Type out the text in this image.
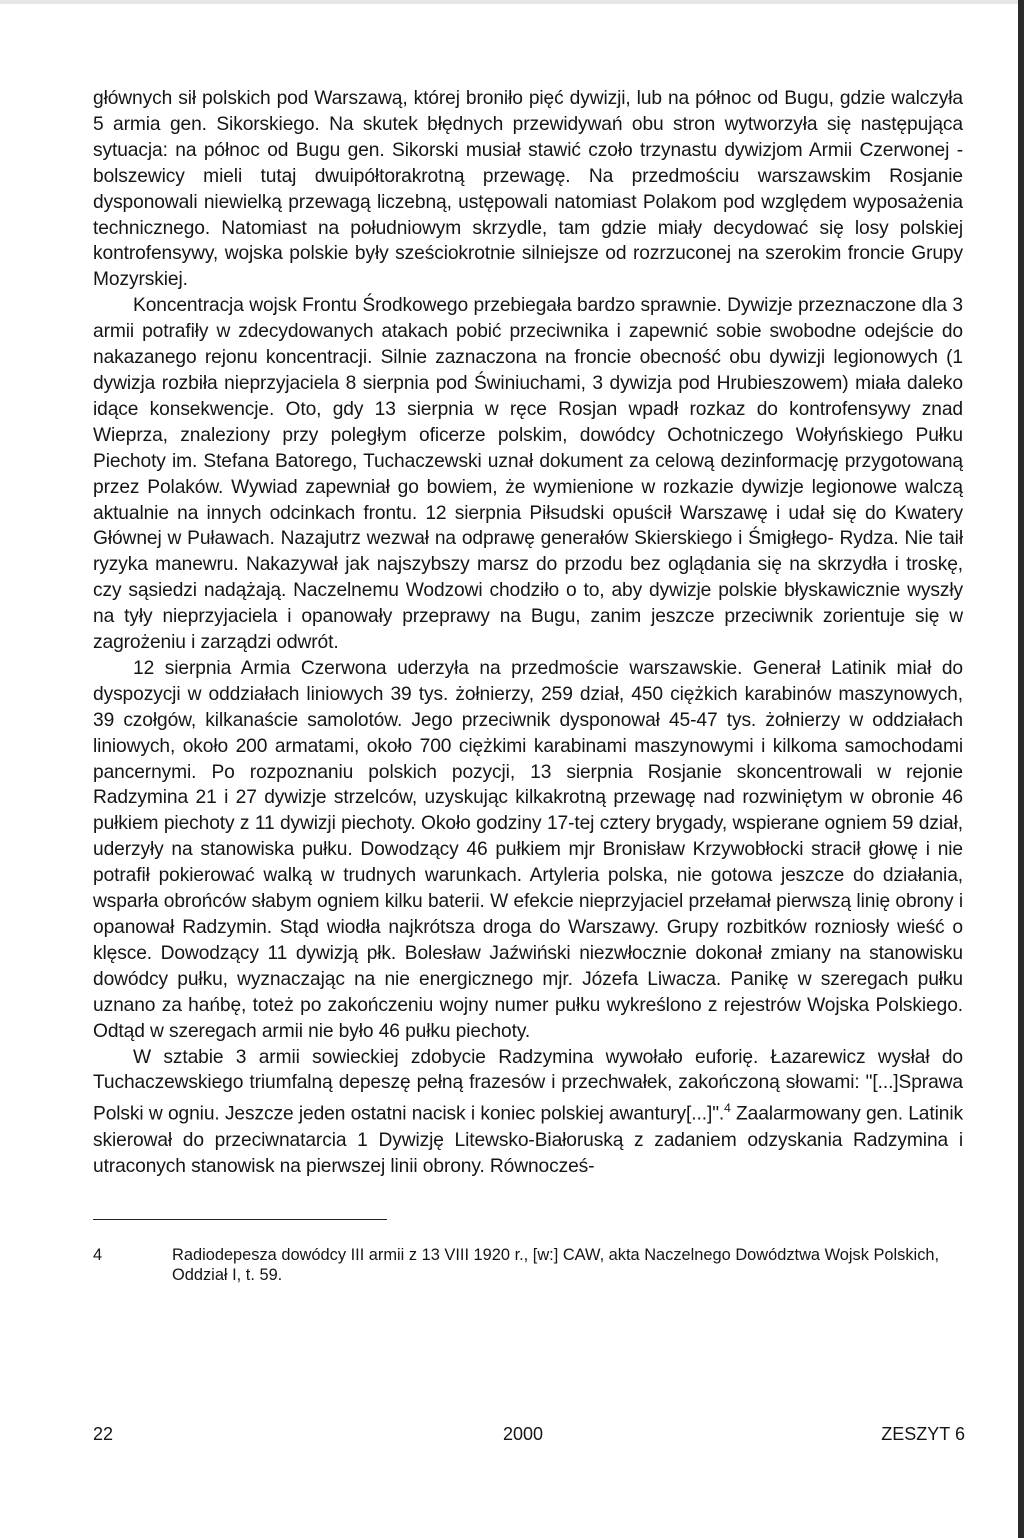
głównych sił polskich pod Warszawą, której broniło pięć dywizji, lub na północ od Bugu, gdzie walczyła 5 armia gen. Sikorskiego. Na skutek błędnych przewidywań obu stron wytworzyła się następująca sytuacja: na północ od Bugu gen. Sikorski musiał stawić czoło trzynastu dywizjom Armii Czerwonej - bolszewicy mieli tutaj dwuipółtorakrotną przewagę. Na przedmościu warszawskim Rosjanie dysponowali niewielką przewagą liczebną, ustępowali natomiast Polakom pod względem wyposażenia technicznego. Natomiast na południowym skrzydle, tam gdzie miały decydować się losy polskiej kontrofensywy, wojska polskie były sześciokrotnie silniejsze od rozrzuconej na szerokim froncie Grupy Mozyrskiej.

Koncentracja wojsk Frontu Środkowego przebiegała bardzo sprawnie. Dywizje przeznaczone dla 3 armii potrafiły w zdecydowanych atakach pobić przeciwnika i zapewnić sobie swobodne odejście do nakazanego rejonu koncentracji. Silnie zaznaczona na froncie obecność obu dywizji legionowych (1 dywizja rozbiła nieprzyjaciela 8 sierpnia pod Świniuchami, 3 dywizja pod Hrubieszowem) miała daleko idące konsekwencje. Oto, gdy 13 sierpnia w ręce Rosjan wpadł rozkaz do kontrofensywy znad Wieprza, znaleziony przy poległym oficerze polskim, dowódcy Ochotniczego Wołyńskiego Pułku Piechoty im. Stefana Batorego, Tuchaczewski uznał dokument za celową dezinformację przygotowaną przez Polaków. Wywiad zapewniał go bowiem, że wymienione w rozkazie dywizje legionowe walczą aktualnie na innych odcinkach frontu. 12 sierpnia Piłsudski opuścił Warszawę i udał się do Kwatery Głównej w Puławach. Nazajutrz wezwał na odprawę generałów Skierskiego i Śmigłego- Rydza. Nie taił ryzyka manewru. Nakazywał jak najszybszy marsz do przodu bez oglądania się na skrzydła i troskę, czy sąsiedzi nadążają. Naczelnemu Wodzowi chodziło o to, aby dywizje polskie błyskawicznie wyszły na tyły nieprzyjaciela i opanowały przeprawy na Bugu, zanim jeszcze przeciwnik zorientuje się w zagrożeniu i zarządzi odwrót.

12 sierpnia Armia Czerwona uderzyła na przedmoście warszawskie. Generał Latinik miał do dyspozycji w oddziałach liniowych 39 tys. żołnierzy, 259 dział, 450 ciężkich karabinów maszynowych, 39 czołgów, kilkanaście samolotów. Jego przeciwnik dysponował 45-47 tys. żołnierzy w oddziałach liniowych, około 200 armatami, około 700 ciężkimi karabinami maszynowymi i kilkoma samochodami pancernymi. Po rozpoznaniu polskich pozycji, 13 sierpnia Rosjanie skoncentrowali w rejonie Radzymina 21 i 27 dywizje strzelców, uzyskując kilkakrotną przewagę nad rozwiniętym w obronie 46 pułkiem piechoty z 11 dywizji piechoty. Około godziny 17-tej cztery brygady, wspierane ogniem 59 dział, uderzyły na stanowiska pułku. Dowodzący 46 pułkiem mjr Bronisław Krzywobłocki stracił głowę i nie potrafił pokierować walką w trudnych warunkach. Artyleria polska, nie gotowa jeszcze do działania, wsparła obrońców słabym ogniem kilku baterii. W efekcie nieprzyjaciel przełamał pierwszą linię obrony i opanował Radzymin. Stąd wiodła najkrótsza droga do Warszawy. Grupy rozbitków rozniosły wieść o klęsce. Dowodzący 11 dywizją płk. Bolesław Jaźwiński niezwłocznie dokonał zmiany na stanowisku dowódcy pułku, wyznaczając na nie energicznego mjr. Józefa Liwacza. Panikę w szeregach pułku uznano za hańbę, toteż po zakończeniu wojny numer pułku wykreślono z rejestrów Wojska Polskiego. Odtąd w szeregach armii nie było 46 pułku piechoty.

W sztabie 3 armii sowieckiej zdobycie Radzymina wywołało euforię. Łazarewicz wysłał do Tuchaczewskiego triumfalną depeszę pełną frazesów i przechwałek, zakończoną słowami: "[...]Sprawa Polski w ogniu. Jeszcze jeden ostatni nacisk i koniec polskiej awantury[...]".$^4$ Zaalarmowany gen. Latinik skierował do przeciwnatarcia 1 Dywizję Litewsko-Białoruską z zadaniem odzyskania Radzymina i utraconych stanowisk na pierwszej linii obrony. Równocześ-

4	Radiodepesza dowódcy III armii z 13 VIII 1920 r., [w:] CAW, akta Naczelnego Dowództwa Wojsk Polskich, Oddział I, t. 59.
22	2000	ZESZYT 6
